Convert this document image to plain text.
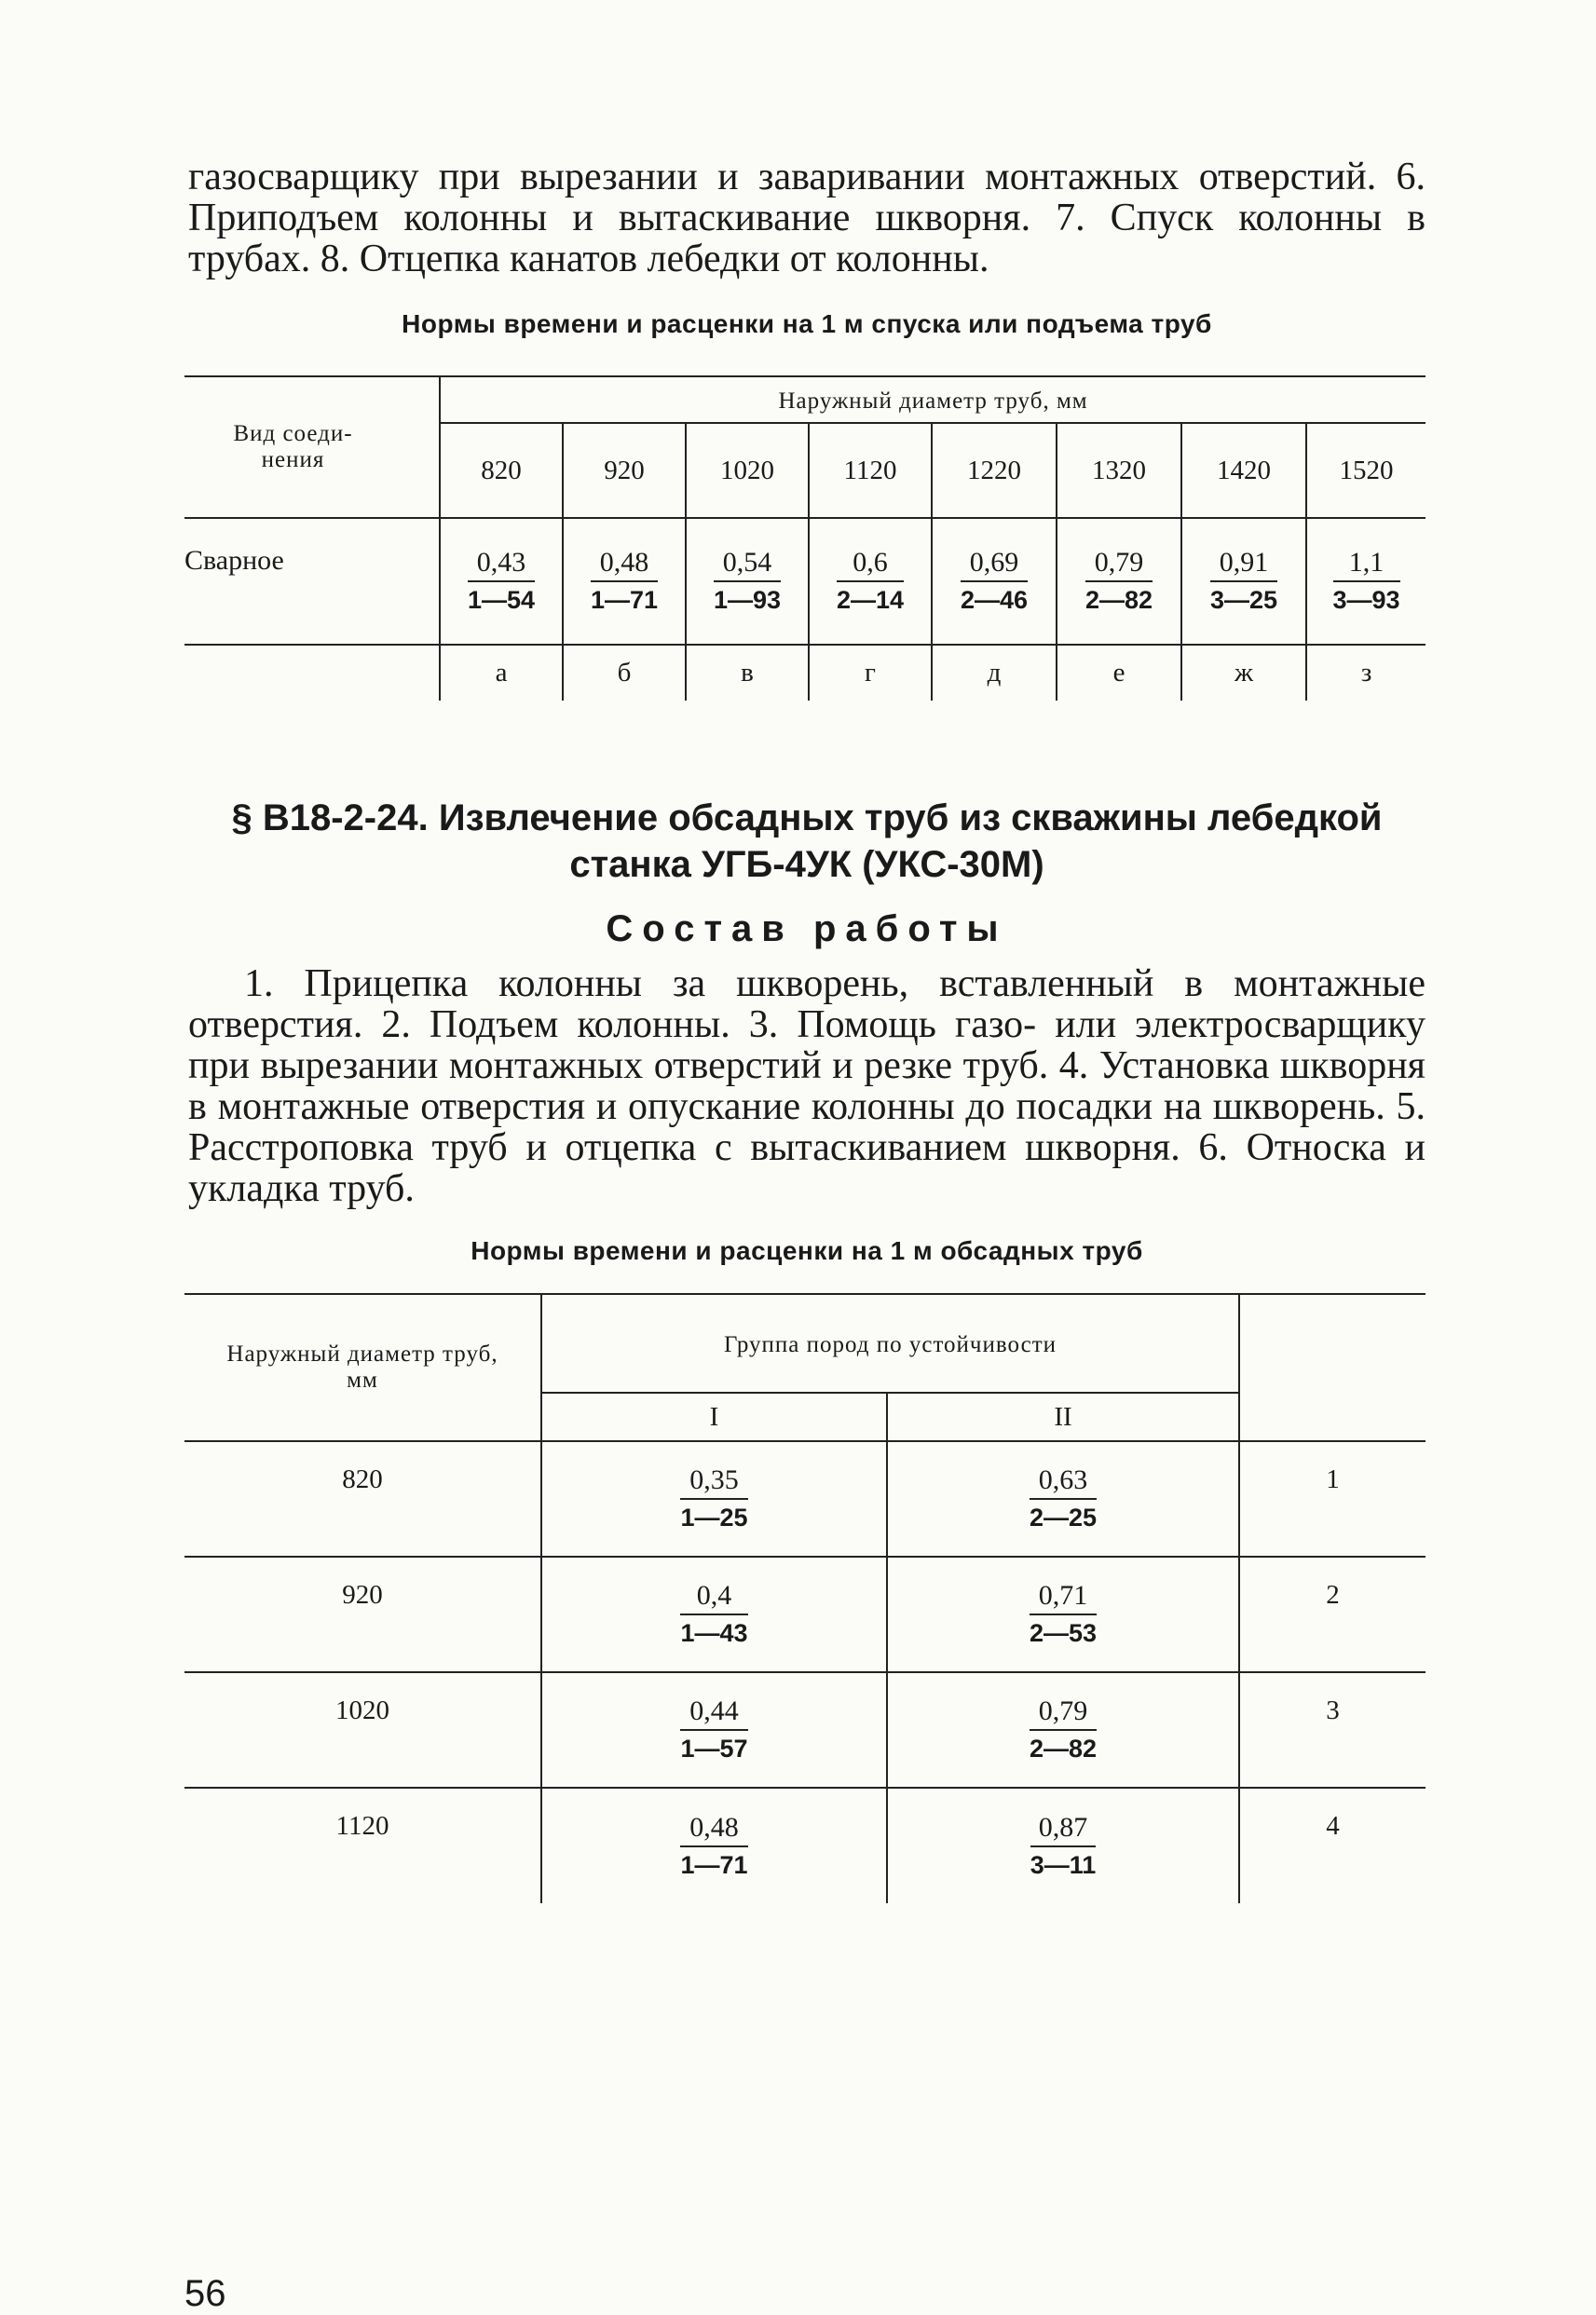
газосварщику при вырезании и заваривании монтажных отверстий. 6. Приподъем колонны и вытаскивание шкворня. 7. Спуск колонны в трубах. 8. Отцепка канатов лебедки от колонны.

Нормы времени и расценки на 1 м спуска или подъема труб
Вид соеди-нения	Наружный диаметр труб, мм							
	820	920	1020	1120	1220	1320	1420	1520
Сварное	$\frac{0,43}{1—54}$	$\frac{0,48}{1—71}$	$\frac{0,54}{1—93}$	$\frac{0,6}{2—14}$	$\frac{0,69}{2—46}$	$\frac{0,79}{2—82}$	$\frac{0,91}{3—25}$	$\frac{1,1}{3—93}$

	а	б	в	г	д	е	ж	з
§ В18-2-24. Извлечение обсадных труб из скважины лебедкой
станка УГБ-4УК (УКС-30М)
Состав работы

1. Прицепка колонны за шкворень, вставленный в монтажные отверстия. 2. Подъем колонны. 3. Помощь газо- или электросварщику при вырезании монтажных отверстий и резке труб. 4. Установка шкворня в монтажные отверстия и опускание колонны до посадки на шкворень. 5. Расстроповка труб и отцепка с вытаскиванием шкворня. 6. Относка и укладка труб.

Нормы времени и расценки на 1 м обсадных труб
Наружный диаметр труб, мм	Группа пород по устойчивости		
	I	II	
820	$\frac{0,35}{1—25}$	$\frac{0,63}{2—25}$	1
920	$\frac{0,4}{1—43}$	$\frac{0,71}{2—53}$	2
1020	$\frac{0,44}{1—57}$	$\frac{0,79}{2—82}$	3
1120	$\frac{0,48}{1—71}$	$\frac{0,87}{3—11}$	4
56
